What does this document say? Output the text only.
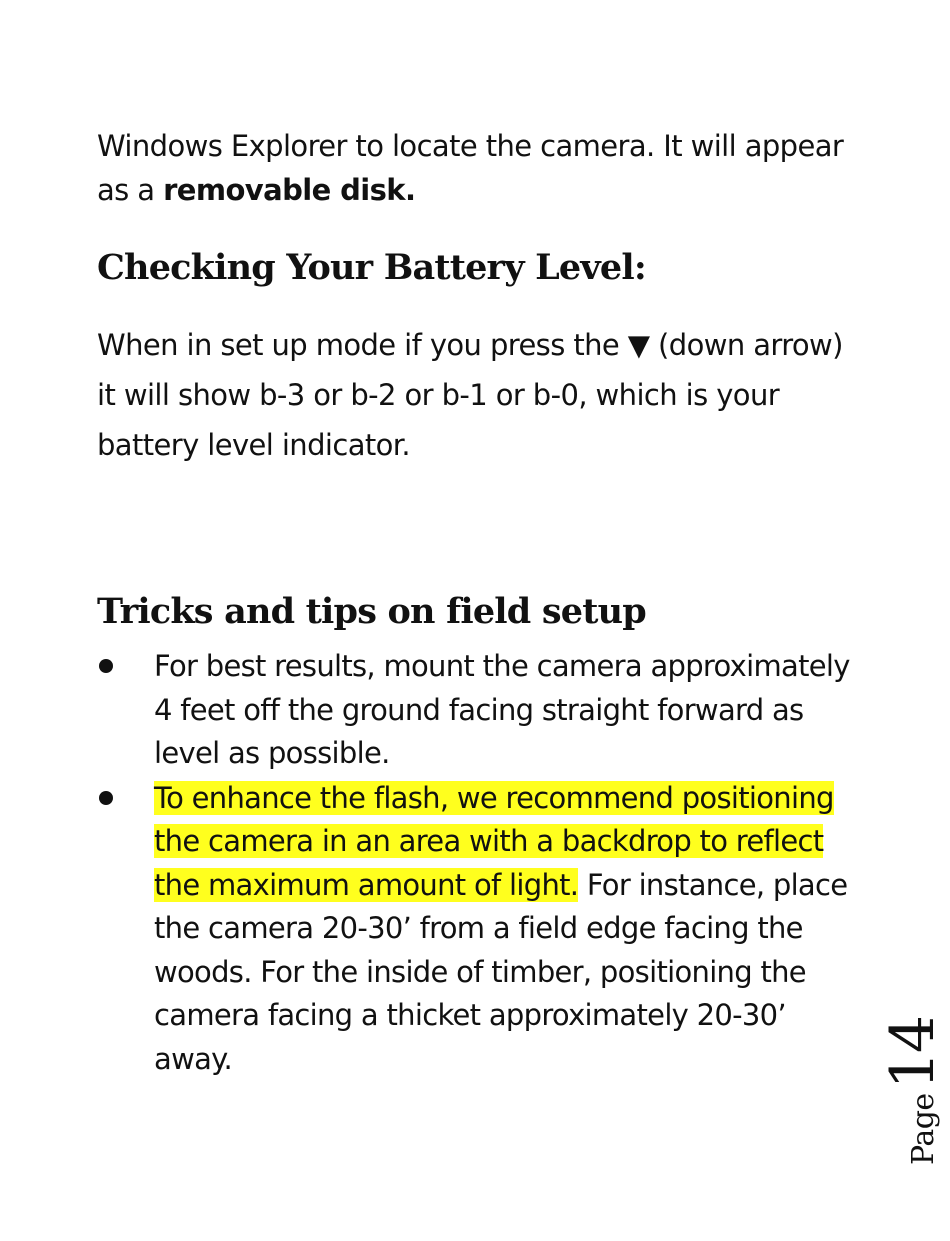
Windows Explorer to locate the camera. It will appear as a removable disk.

Checking Your Battery Level:

When in set up mode if you press the ▼ (down arrow) it will show b-3 or b-2 or b-1 or b-0, which is your battery level indicator.

Tricks and tips on field setup
For best results, mount the camera approximately 4 feet off the ground facing straight forward as level as possible.
To enhance the flash, we recommend positioning the camera in an area with a backdrop to reflect the maximum amount of light. For instance, place the camera 20-30’ from a field edge facing the woods. For the inside of timber, positioning the camera facing a thicket approximately 20-30’ away.
Page14
